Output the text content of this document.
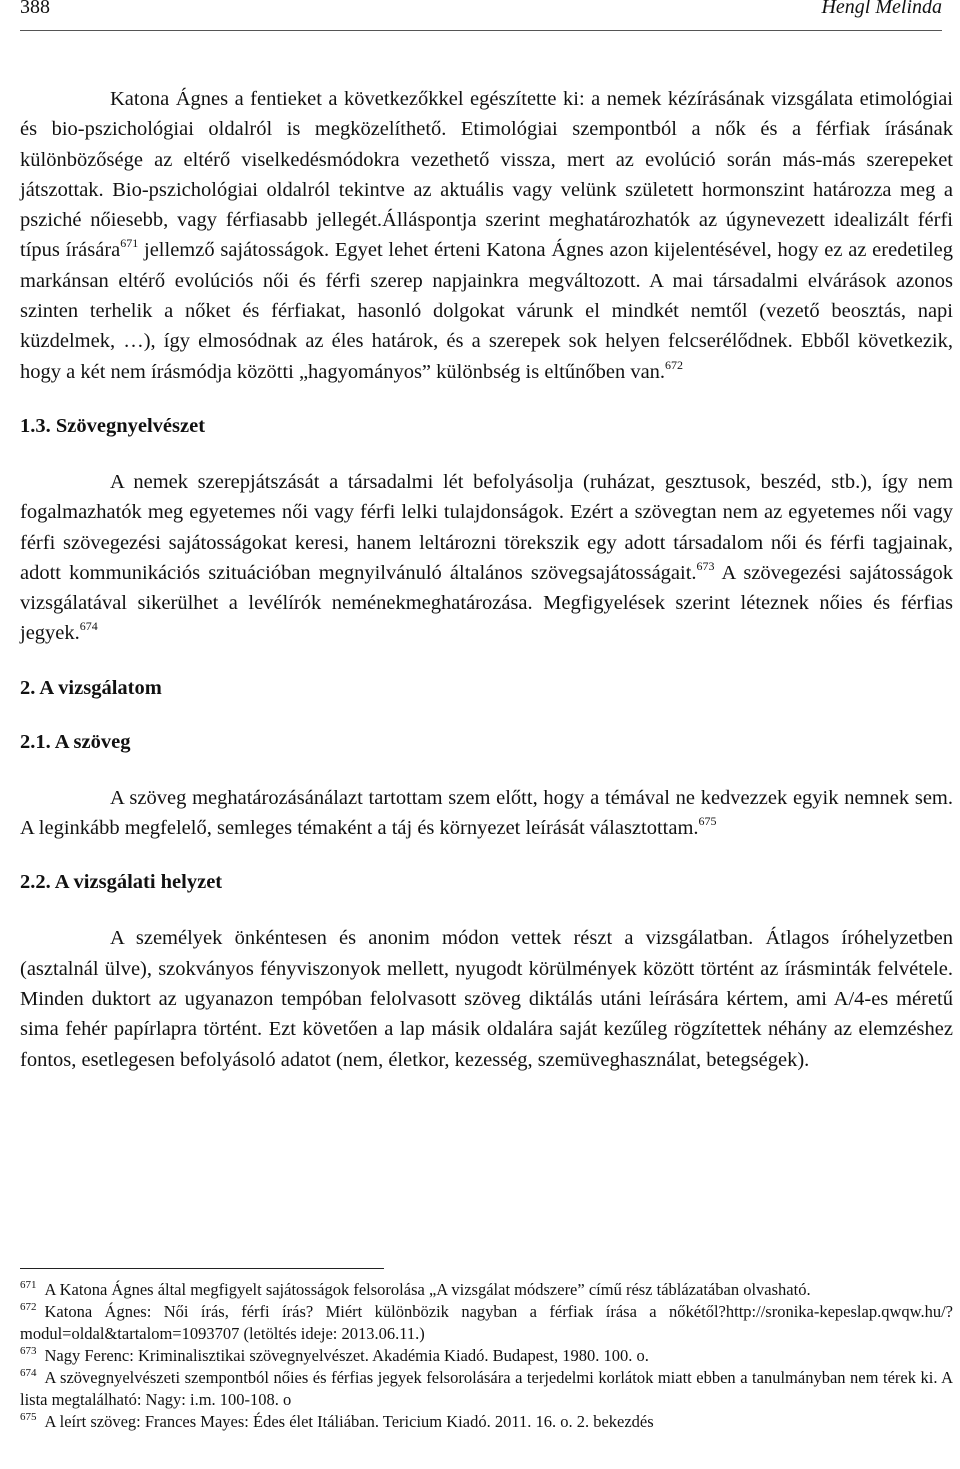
388	Hengl Melinda

Katona Ágnes a fentieket a következőkkel egészítette ki: a nemek kézírásának vizsgálata etimológiai és bio-pszichológiai oldalról is megközelíthető. Etimológiai szempontból a nők és a férfiak írásának különbözősége az eltérő viselkedésmódokra vezethető vissza, mert az evolúció során más-más szerepeket játszottak. Bio-pszichológiai oldalról tekintve az aktuális vagy velünk született hormonszint határozza meg a psziché nőiesebb, vagy férfiasabb jellegét.Álláspontja szerint meghatározhatók az úgynevezett idealizált férfi típus írására$^{671}$ jellemző sajátosságok. Egyet lehet érteni Katona Ágnes azon kijelentésével, hogy ez az eredetileg markánsan eltérő evolúciós női és férfi szerep napjainkra megváltozott. A mai társadalmi elvárások azonos szinten terhelik a nőket és férfiakat, hasonló dolgokat várunk el mindkét nemtől (vezető beosztás, napi küzdelmek, …), így elmosódnak az éles határok, és a szerepek sok helyen felcserélődnek. Ebből következik, hogy a két nem írásmódja közötti „hagyományos” különbség is eltűnőben van.$^{672}$

1.3. Szövegnyelvészet

A nemek szerepjátszását a társadalmi lét befolyásolja (ruházat, gesztusok, beszéd, stb.), így nem fogalmazhatók meg egyetemes női vagy férfi lelki tulajdonságok. Ezért a szövegtan nem az egyetemes női vagy férfi szövegezési sajátosságokat keresi, hanem leltározni törekszik egy adott társadalom női és férfi tagjainak, adott kommunikációs szituációban megnyilvánuló általános szövegsajátosságait.$^{673}$ A szövegezési sajátosságok vizsgálatával sikerülhet a levélírók neménekmeghatározása. Megfigyelések szerint léteznek nőies és férfias jegyek.$^{674}$

2. A vizsgálatom
2.1. A szöveg

A szöveg meghatározásánálazt tartottam szem előtt, hogy a témával ne kedvezzek egyik nemnek sem. A leginkább megfelelő, semleges témaként a táj és környezet leírását választottam.$^{675}$

2.2. A vizsgálati helyzet

A személyek önkéntesen és anonim módon vettek részt a vizsgálatban. Átlagos íróhelyzetben (asztalnál ülve), szokványos fényviszonyok mellett, nyugodt körülmények között történt az írásminták felvétele. Minden duktort az ugyanazon tempóban felolvasott szöveg diktálás utáni leírására kértem, ami A/4-es méretű sima fehér papírlapra történt. Ezt követően a lap másik oldalára saját kezűleg rögzítettek néhány az elemzéshez fontos, esetlegesen befolyásoló adatot (nem, életkor, kezesség, szemüveghasználat, betegségek).

$^{671}$ A Katona Ágnes által megfigyelt sajátosságok felsorolása „A vizsgálat módszere” című rész táblázatában olvasható.

$^{672}$ Katona Ágnes: Női írás, férfi írás? Miért különbözik nagyban a férfiak írása a nőkétől?http://sronika-kepeslap.qwqw.hu/?modul=oldal&tartalom=1093707 (letöltés ideje: 2013.06.11.)

$^{673}$ Nagy Ferenc: Kriminalisztikai szövegnyelvészet. Akadémia Kiadó. Budapest, 1980. 100. o.

$^{674}$ A szövegnyelvészeti szempontból nőies és férfias jegyek felsorolására a terjedelmi korlátok miatt ebben a tanulmányban nem térek ki. A lista megtalálható: Nagy: i.m. 100-108. o

$^{675}$ A leírt szöveg: Frances Mayes: Édes élet Itáliában. Tericium Kiadó. 2011. 16. o. 2. bekezdés
